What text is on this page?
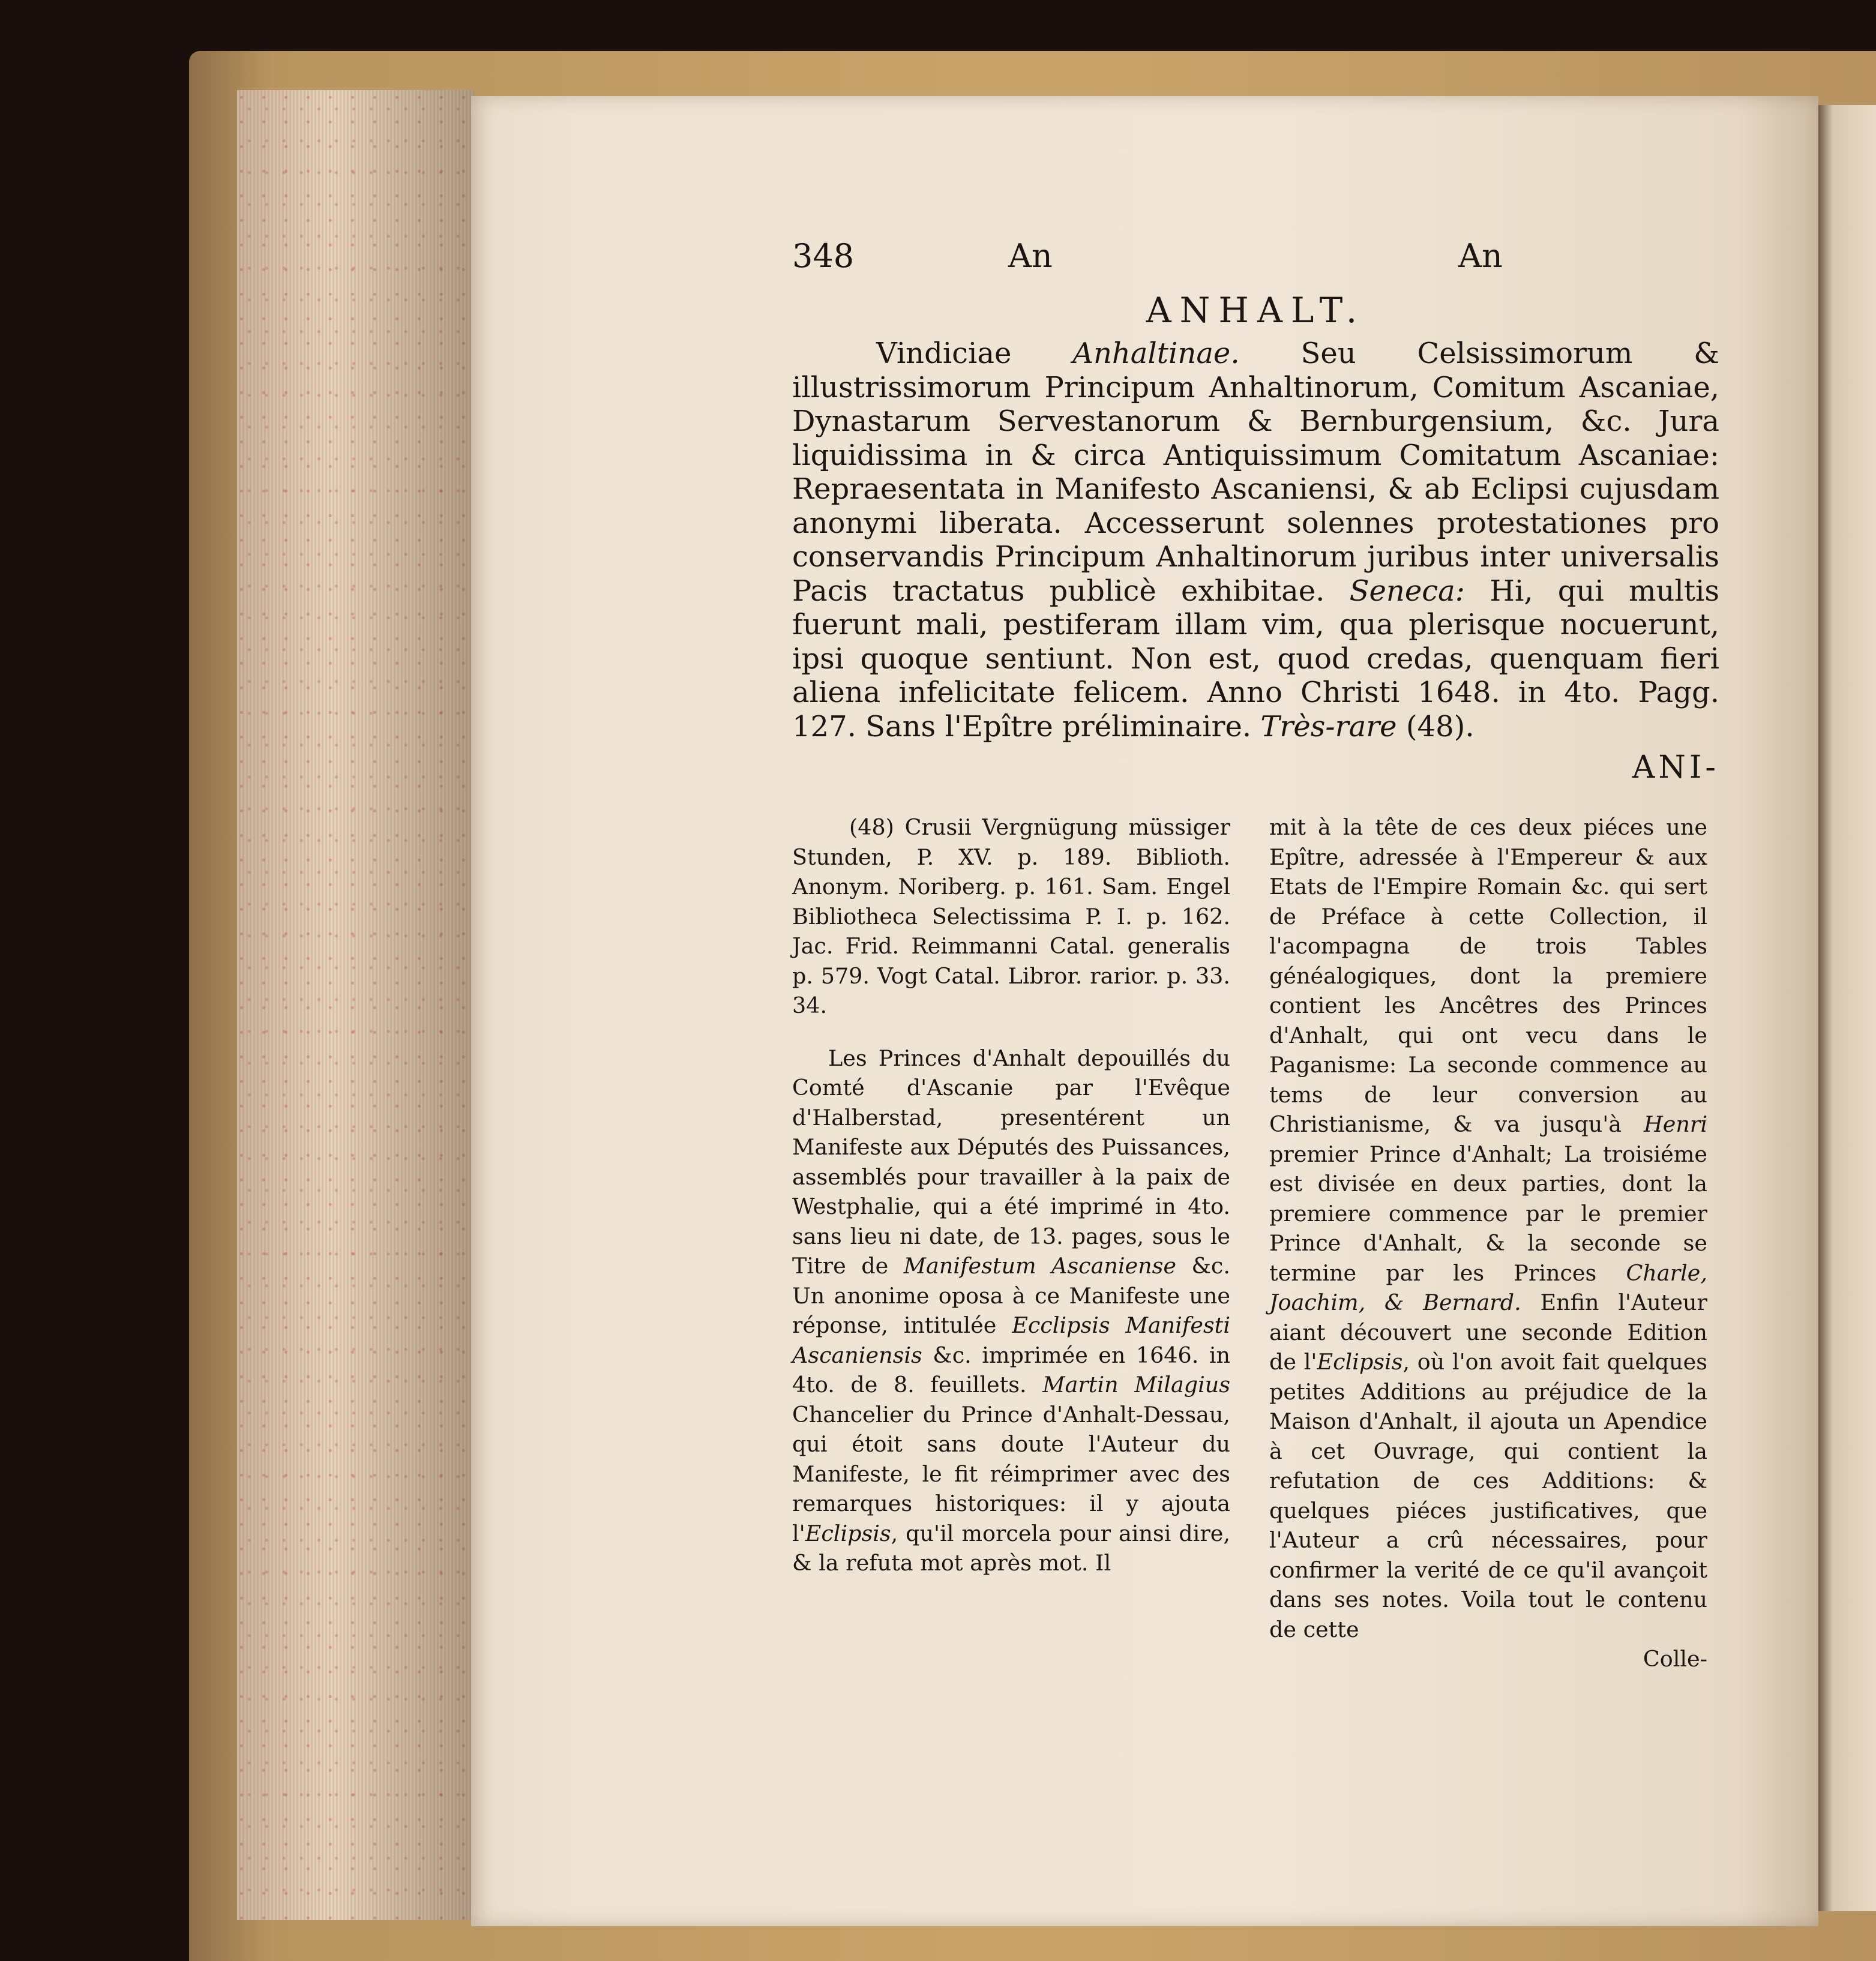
348	An	An
ANHALT.

Vindiciae Anhaltinae. Seu Celsissimorum & illustrissimorum Principum Anhaltinorum, Comitum Ascaniae, Dynastarum Servestanorum & Bernburgensium, &c. Jura liquidissima in & circa Antiquissimum Comitatum Ascaniae: Repraesentata in Manifesto Ascaniensi, & ab Eclipsi cujusdam anonymi liberata. Accesserunt solennes protestationes pro conservandis Principum Anhaltinorum juribus inter universalis Pacis tractatus publicè exhibitae. Seneca: Hi, qui multis fuerunt mali, pestiferam illam vim, qua plerisque nocuerunt, ipsi quoque sentiunt. Non est, quod credas, quenquam fieri aliena infelicitate felicem. Anno Christi 1648. in 4to. Pagg. 127. Sans l'Epître préliminaire. Très-rare (48).

ANI-

(48) Crusii Vergnügung müssiger Stunden, P. XV. p. 189. Biblioth. Anonym. Noriberg. p. 161. Sam. Engel Bibliotheca Selectissima P. I. p. 162. Jac. Frid. Reimmanni Catal. generalis p. 579. Vogt Catal. Libror. rarior. p. 33. 34.

Les Princes d'Anhalt depouillés du Comté d'Ascanie par l'Evêque d'Halberstad, presentérent un Manifeste aux Députés des Puissances, assemblés pour travailler à la paix de Westphalie, qui a été imprimé in 4to. sans lieu ni date, de 13. pages, sous le Titre de Manifestum Ascaniense &c. Un anonime oposa à ce Manifeste une réponse, intitulée Ecclipsis Manifesti Ascaniensis &c. imprimée en 1646. in 4to. de 8. feuillets. Martin Milagius Chancelier du Prince d'Anhalt-Dessau, qui étoit sans doute l'Auteur du Manifeste, le fit réimprimer avec des remarques historiques: il y ajouta l'Eclipsis, qu'il morcela pour ainsi dire, & la refuta mot après mot. Il

mit à la tête de ces deux piéces une Epître, adressée à l'Empereur & aux Etats de l'Empire Romain &c. qui sert de Préface à cette Collection, il l'acompagna de trois Tables généalogiques, dont la premiere contient les Ancêtres des Princes d'Anhalt, qui ont vecu dans le Paganisme: La seconde commence au tems de leur conversion au Christianisme, & va jusqu'à Henri premier Prince d'Anhalt; La troisiéme est divisée en deux parties, dont la premiere commence par le premier Prince d'Anhalt, & la seconde se termine par les Princes Charle, Joachim, & Bernard. Enfin l'Auteur aiant découvert une seconde Edition de l'Eclipsis, où l'on avoit fait quelques petites Additions au préjudice de la Maison d'Anhalt, il ajouta un Apendice à cet Ouvrage, qui contient la refutation de ces Additions: & quelques piéces justificatives, que l'Auteur a crû nécessaires, pour confirmer la verité de ce qu'il avançoit dans ses notes. Voila tout le contenu de cette

Colle-
